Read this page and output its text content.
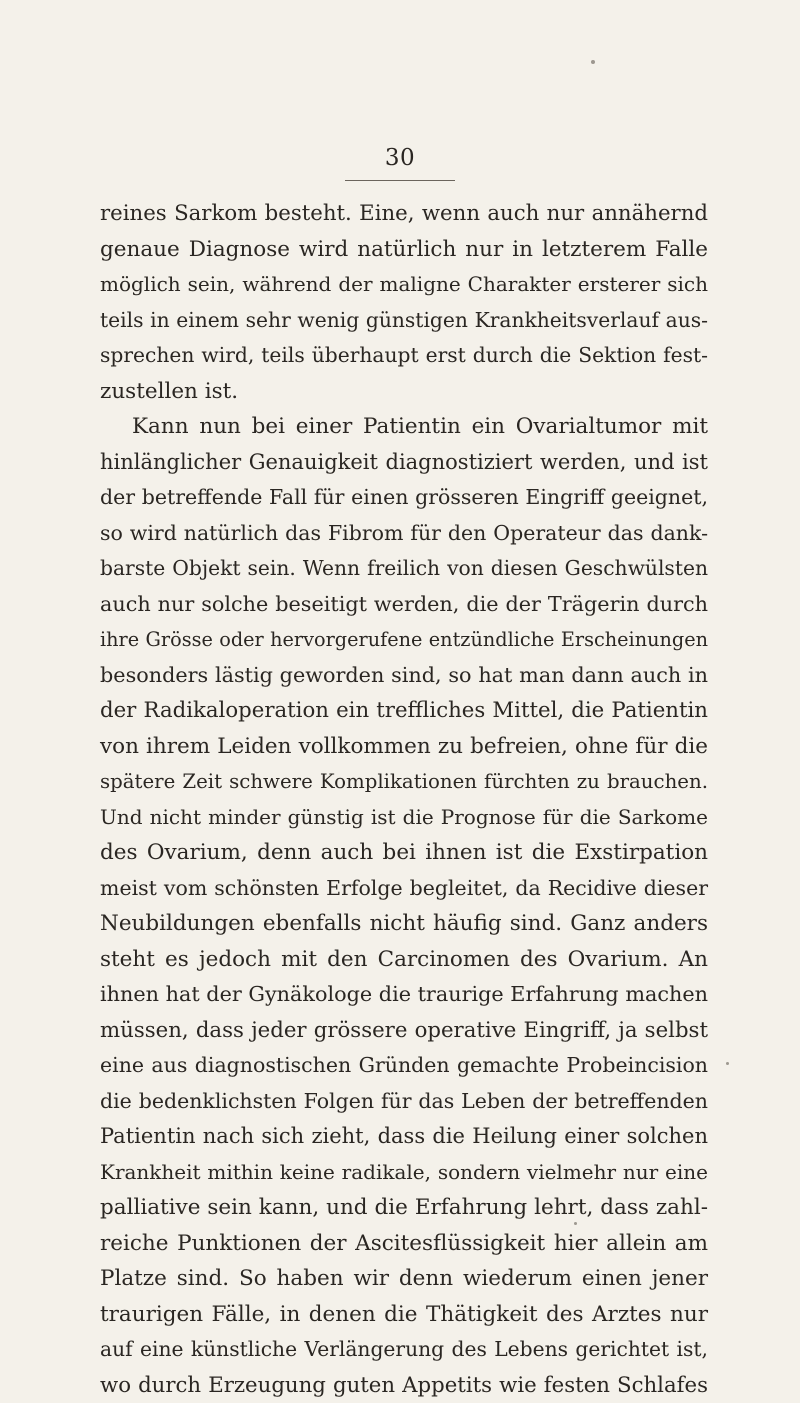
30
reines Sarkom besteht. Eine, wenn auch nur annähernd
genaue Diagnose wird natürlich nur in letzterem Falle
möglich sein, während der maligne Charakter ersterer sich
teils in einem sehr wenig günstigen Krankheitsverlauf aus-
sprechen wird, teils überhaupt erst durch die Sektion fest-
zustellen ist.
Kann nun bei einer Patientin ein Ovarialtumor mit
hinlänglicher Genauigkeit diagnostiziert werden, und ist
der betreffende Fall für einen grösseren Eingriff geeignet,
so wird natürlich das Fibrom für den Operateur das dank-
barste Objekt sein. Wenn freilich von diesen Geschwülsten
auch nur solche beseitigt werden, die der Trägerin durch
ihre Grösse oder hervorgerufene entzündliche Erscheinungen
besonders lästig geworden sind, so hat man dann auch in
der Radikaloperation ein treffliches Mittel, die Patientin
von ihrem Leiden vollkommen zu befreien, ohne für die
spätere Zeit schwere Komplikationen fürchten zu brauchen.
Und nicht minder günstig ist die Prognose für die Sarkome
des Ovarium, denn auch bei ihnen ist die Exstirpation
meist vom schönsten Erfolge begleitet, da Recidive dieser
Neubildungen ebenfalls nicht häufig sind. Ganz anders
steht es jedoch mit den Carcinomen des Ovarium. An
ihnen hat der Gynäkologe die traurige Erfahrung machen
müssen, dass jeder grössere operative Eingriff, ja selbst
eine aus diagnostischen Gründen gemachte Probeincision
die bedenklichsten Folgen für das Leben der betreffenden
Patientin nach sich zieht, dass die Heilung einer solchen
Krankheit mithin keine radikale, sondern vielmehr nur eine
palliative sein kann, und die Erfahrung lehrt, dass zahl-
reiche Punktionen der Ascitesflüssigkeit hier allein am
Platze sind. So haben wir denn wiederum einen jener
traurigen Fälle, in denen die Thätigkeit des Arztes nur
auf eine künstliche Verlängerung des Lebens gerichtet ist,
wo durch Erzeugung guten Appetits wie festen Schlafes
